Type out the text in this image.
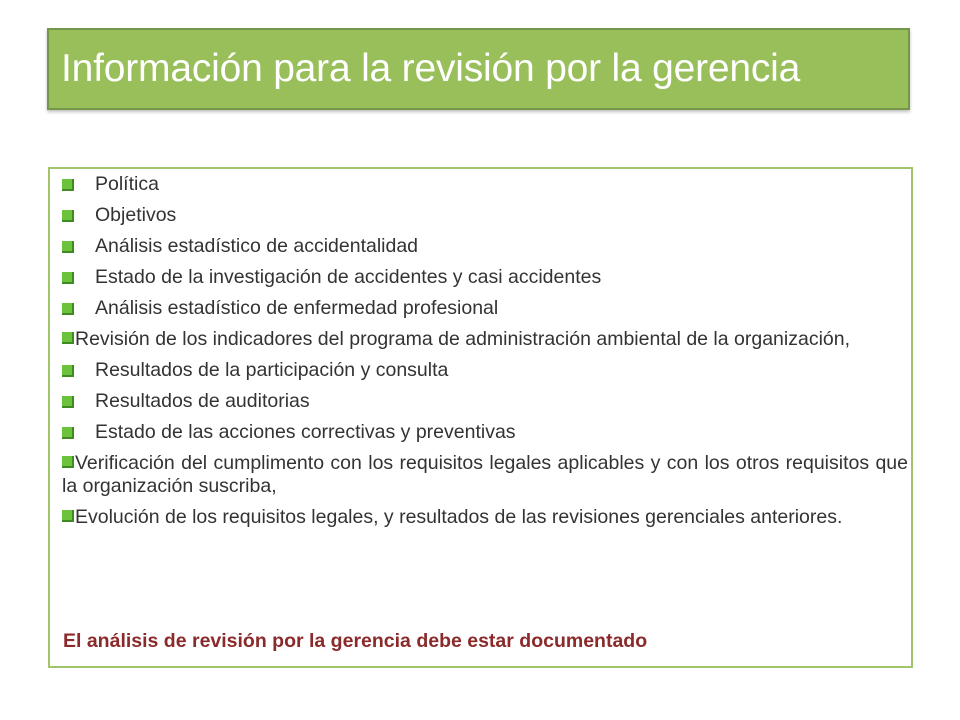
Información para la revisión por la gerencia
Política
Objetivos
Análisis estadístico de accidentalidad
Estado de la investigación de accidentes y casi accidentes
Análisis estadístico de enfermedad profesional
Revisión de los indicadores del programa de administración ambiental de la organización,
Resultados de la participación y consulta
Resultados de auditorias
Estado de las acciones correctivas y preventivas
Verificación del cumplimento con los requisitos legales aplicables y con los otros requisitos que la organización suscriba,
Evolución de los requisitos legales, y resultados de las revisiones gerenciales anteriores.
El análisis de revisión por la gerencia debe estar documentado
